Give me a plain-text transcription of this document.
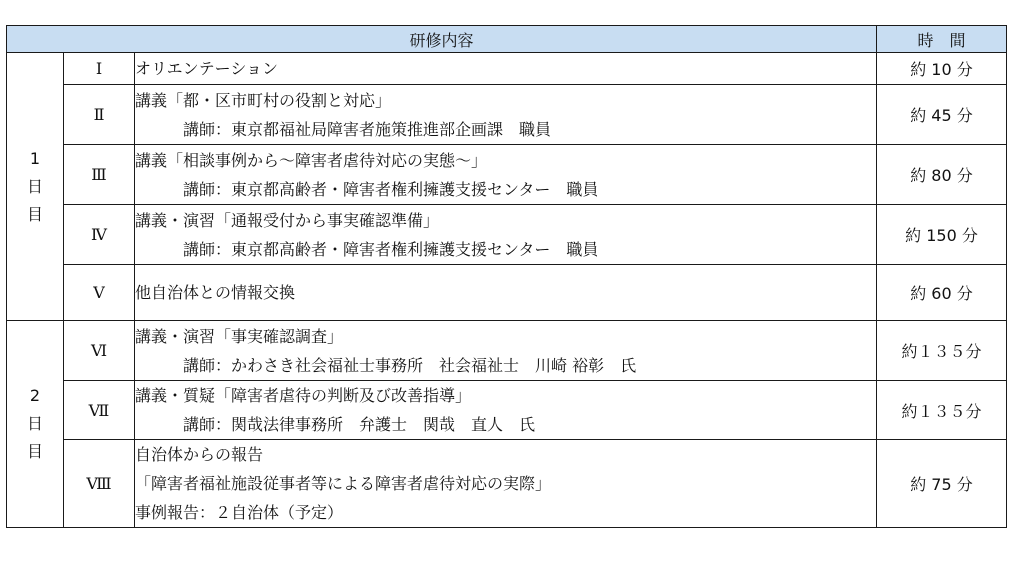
研修内容			時　間

1
日
目	Ⅰ	オリエンテーション	約 10 分
	Ⅱ	講義「都・区市町村の役割と対応」
講師：東京都福祉局障害者施策推進部企画課　職員	約 45 分
	Ⅲ	講義「相談事例から～障害者虐待対応の実態～」
講師：東京都高齢者・障害者権利擁護支援センター　職員	約 80 分
	Ⅳ	講義・演習「通報受付から事実確認準備」
講師：東京都高齢者・障害者権利擁護支援センター　職員	約 150 分
	Ⅴ	他自治体との情報交換	約 60 分

2
日
目	Ⅵ	講義・演習「事実確認調査」
講師：かわさき社会福祉士事務所　社会福祉士　川崎 裕彰　氏	約１３５分
	Ⅶ	講義・質疑「障害者虐待の判断及び改善指導」
講師：関哉法律事務所　弁護士　関哉　直人　氏	約１３５分
	Ⅷ	自治体からの報告
「障害者福祉施設従事者等による障害者虐待対応の実際」
事例報告：２自治体（予定）	約 75 分
